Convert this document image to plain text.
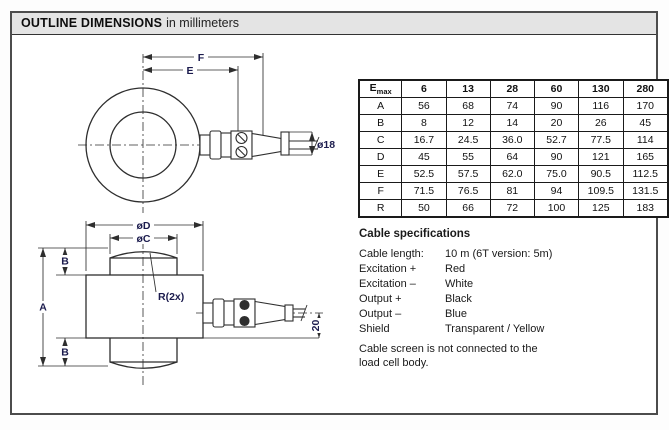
OUTLINE DIMENSIONS in millimeters
F
E
ø18
øD
øC
A
B
B
R(2x)
20
$E_{max}$	6	13	28	60	130	280
A	56	68	74	90	116	170
B	8	12	14	20	26	45
C	16.7	24.5	36.0	52.7	77.5	114
D	45	55	64	90	121	165
E	52.5	57.5	62.0	75.0	90.5	112.5
F	71.5	76.5	81	94	109.5	131.5
R	50	66	72	100	125	183
Cable specifications
Cable length:	10 m (6T version: 5m)
Excitation +	Red
Excitation –	White
Output +	Black
Output –	Blue
Shield	Transparent / Yellow
Cable screen is not connected to the
load cell body.
